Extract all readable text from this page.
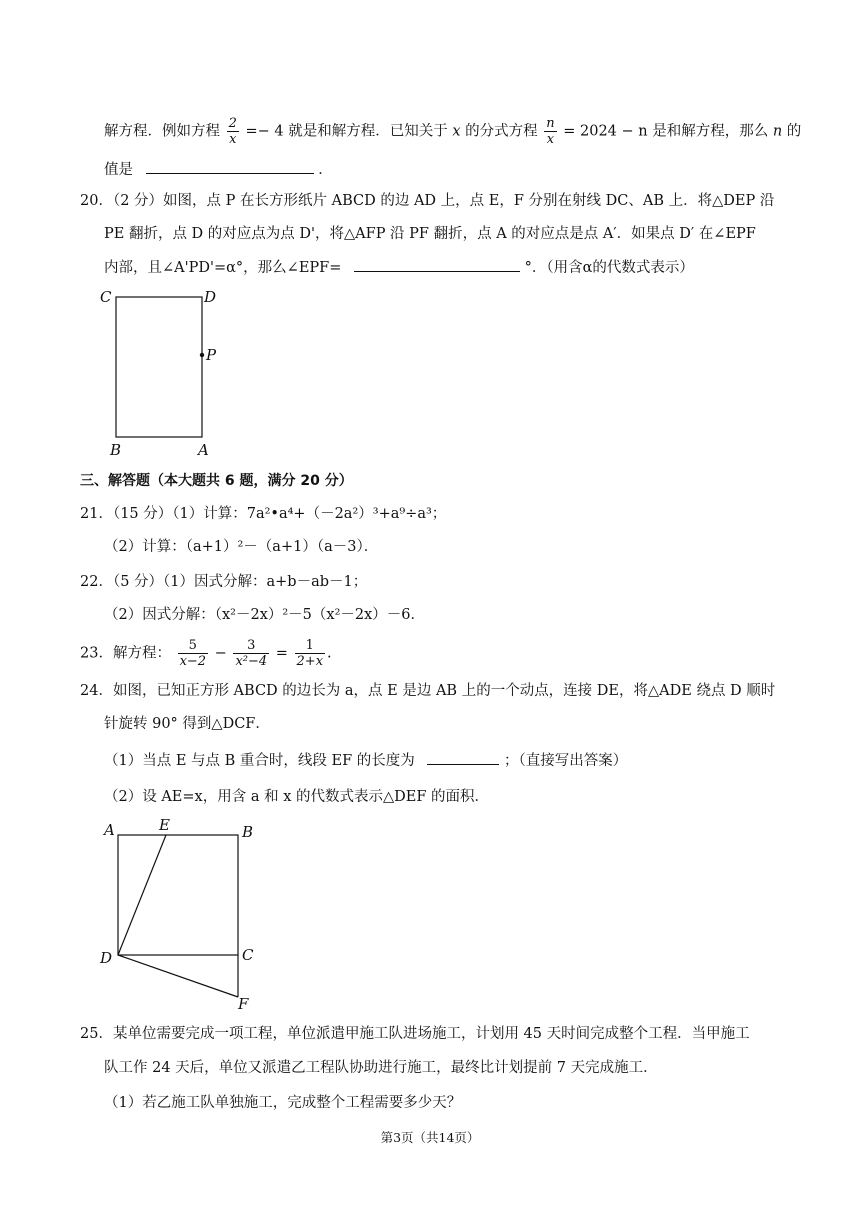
解方程．例如方程 $\frac{2}{x} =- 4$ 就是和解方程．已知关于 x 的分式方程 $\frac{n}{x} = 2024 - n$ 是和解方程，那么 n 的
值是	．
20．（2 分）如图，点 P 在长方形纸片 ABCD 的边 AD 上，点 E，F 分别在射线 DC、AB 上．将△DEP 沿
PE 翻折，点 D 的对应点为点 D'，将△AFP 沿 PF 翻折，点 A 的对应点是点 A′．如果点 D′ 在∠EPF
内部，且∠A'PD'=α°，那么∠EPF=	°．（用含α的代数式表示）
C	D
P
B	A
三、解答题（本大题共 6 题，满分 20 分）
21．（15 分）（1）计算：7a²•a⁴+（－2a²）³+a⁹÷a³；
（2）计算：（a+1）²－（a+1）（a－3）．
22．（5 分）（1）因式分解：a+b－ab－1；
（2）因式分解：（x²－2x）²－5（x²－2x）－6．
23．解方程： $\frac{5}{x-2} - \frac{3}{\text{x²−4}} = \frac{1}{2+x}$ .
24．如图，已知正方形 ABCD 的边长为 a，点 E 是边 AB 上的一个动点，连接 DE，将△ADE 绕点 D 顺时
针旋转 90° 得到△DCF．
（1）当点 E 与点 B 重合时，线段 EF 的长度为	；（直接写出答案）
（2）设 AE=x，用含 a 和 x 的代数式表示△DEF 的面积．
A	E	B
D	C
F
25．某单位需要完成一项工程，单位派遣甲施工队进场施工，计划用 45 天时间完成整个工程．当甲施工
队工作 24 天后，单位又派遣乙工程队协助进行施工，最终比计划提前 7 天完成施工．
（1）若乙施工队单独施工，完成整个工程需要多少天？
第3页（共14页）
